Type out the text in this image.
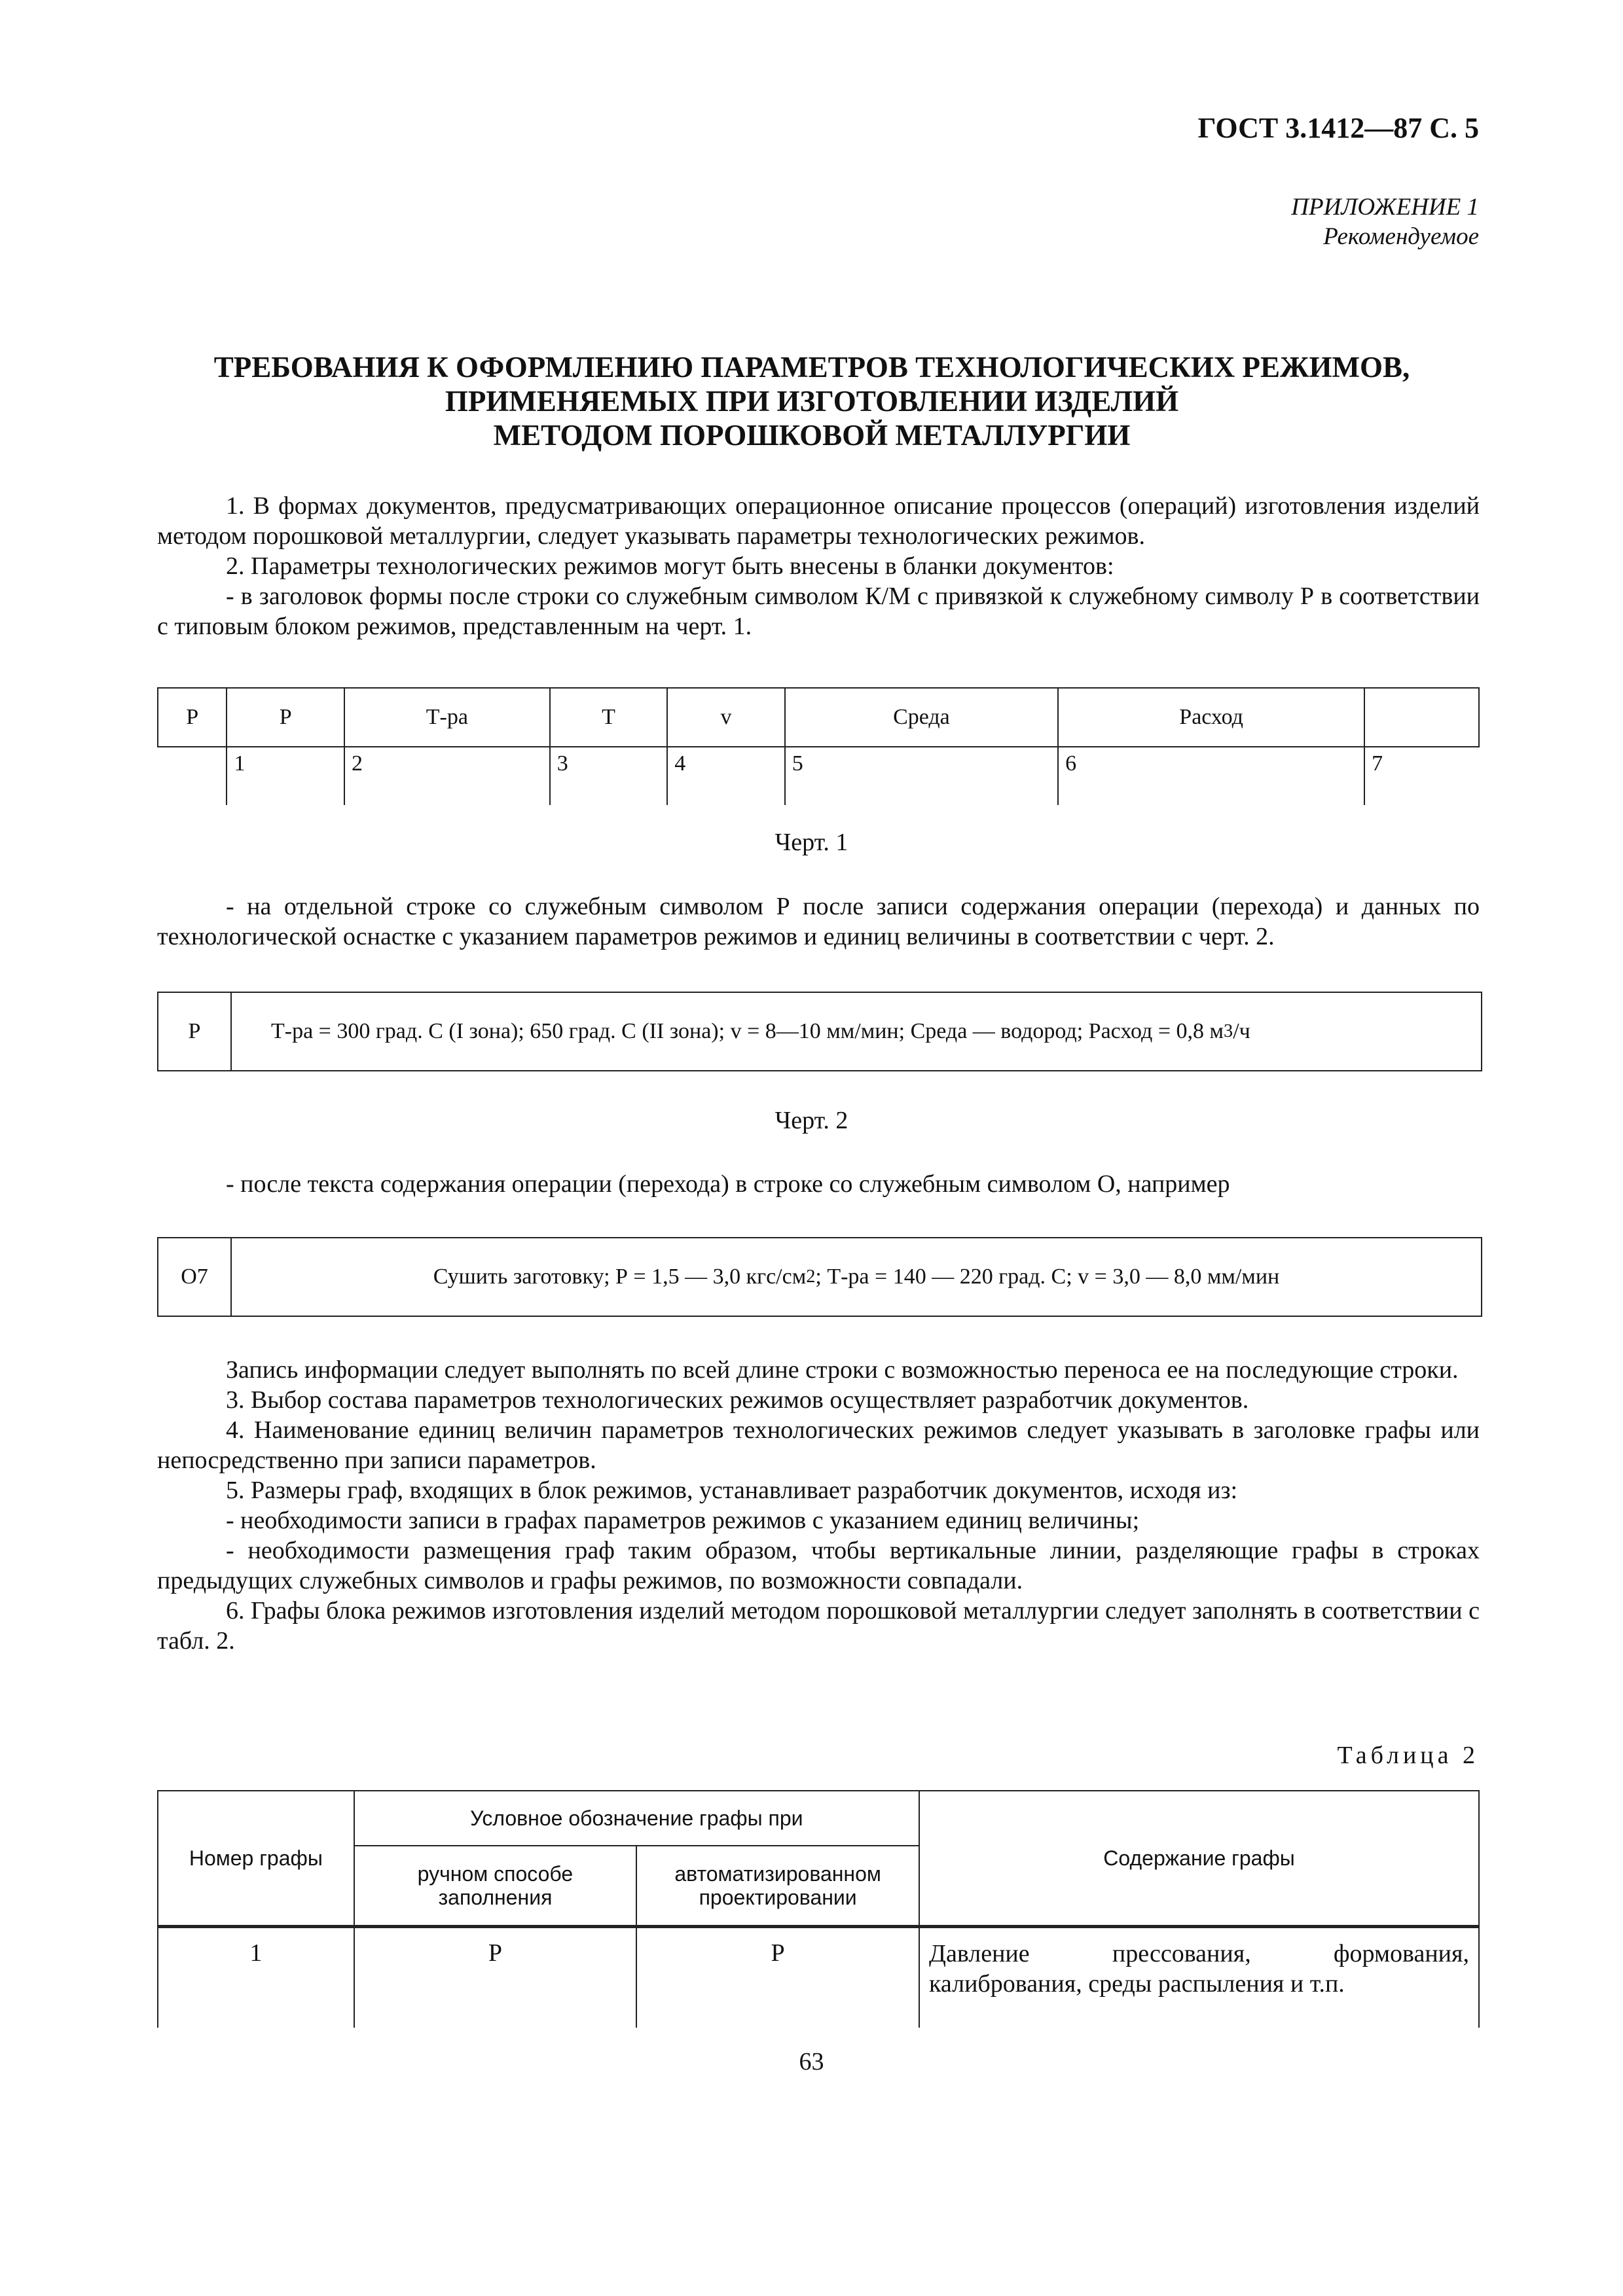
ГОСТ 3.1412—87 С. 5
ПРИЛОЖЕНИЕ 1
Рекомендуемое
ТРЕБОВАНИЯ К ОФОРМЛЕНИЮ ПАРАМЕТРОВ ТЕХНОЛОГИЧЕСКИХ РЕЖИМОВ,
ПРИМЕНЯЕМЫХ ПРИ ИЗГОТОВЛЕНИИ ИЗДЕЛИЙ
МЕТОДОМ ПОРОШКОВОЙ МЕТАЛЛУРГИИ
1. В формах документов, предусматривающих операционное описание процессов (операций) изготовления изделий методом порошковой металлургии, следует указывать параметры технологических режимов.
2. Параметры технологических режимов могут быть внесены в бланки документов:
- в заголовок формы после строки со служебным символом К/М с привязкой к служебному символу Р в соответствии с типовым блоком режимов, представленным на черт. 1.
Р	Р	Т-ра	Т	v	Среда	Расход	
	1	2	3	4	5	6	7
Черт. 1
- на отдельной строке со служебным символом Р после записи содержания операции (перехода) и данных по технологической оснастке с указанием параметров режимов и единиц величины в соответствии с черт. 2.
Р	Т-ра = 300 град. С (I зона); 650 град. С (II зона); v = 8—10 мм/мин; Среда — водород; Расход = 0,8 м 3 /ч
Черт. 2
- после текста содержания операции (перехода) в строке со служебным символом О, например
О7	Сушить заготовку; Р = 1,5 — 3,0 кгс/см 2 ; Т-ра = 140 — 220 град. С; v = 3,0 — 8,0 мм/мин
Запись информации следует выполнять по всей длине строки с возможностью переноса ее на последующие строки.
3. Выбор состава параметров технологических режимов осуществляет разработчик документов.
4. Наименование единиц величин параметров технологических режимов следует указывать в заголовке графы или непосредственно при записи параметров.
5. Размеры граф, входящих в блок режимов, устанавливает разработчик документов, исходя из:
- необходимости записи в графах параметров режимов с указанием единиц величины;
- необходимости размещения граф таким образом, чтобы вертикальные линии, разделяющие графы в строках предыдущих служебных символов и графы режимов, по возможности совпадали.
6. Графы блока режимов изготовления изделий методом порошковой металлургии следует заполнять в соответствии с табл. 2.
Таблица 2
Номер графы	Условное обозначение графы при		Содержание графы
	ручном способе заполнения	автоматизированном проектировании	
1	Р	Р	Давление прессования, формования, калибрования, среды распыления и т.п.
63
